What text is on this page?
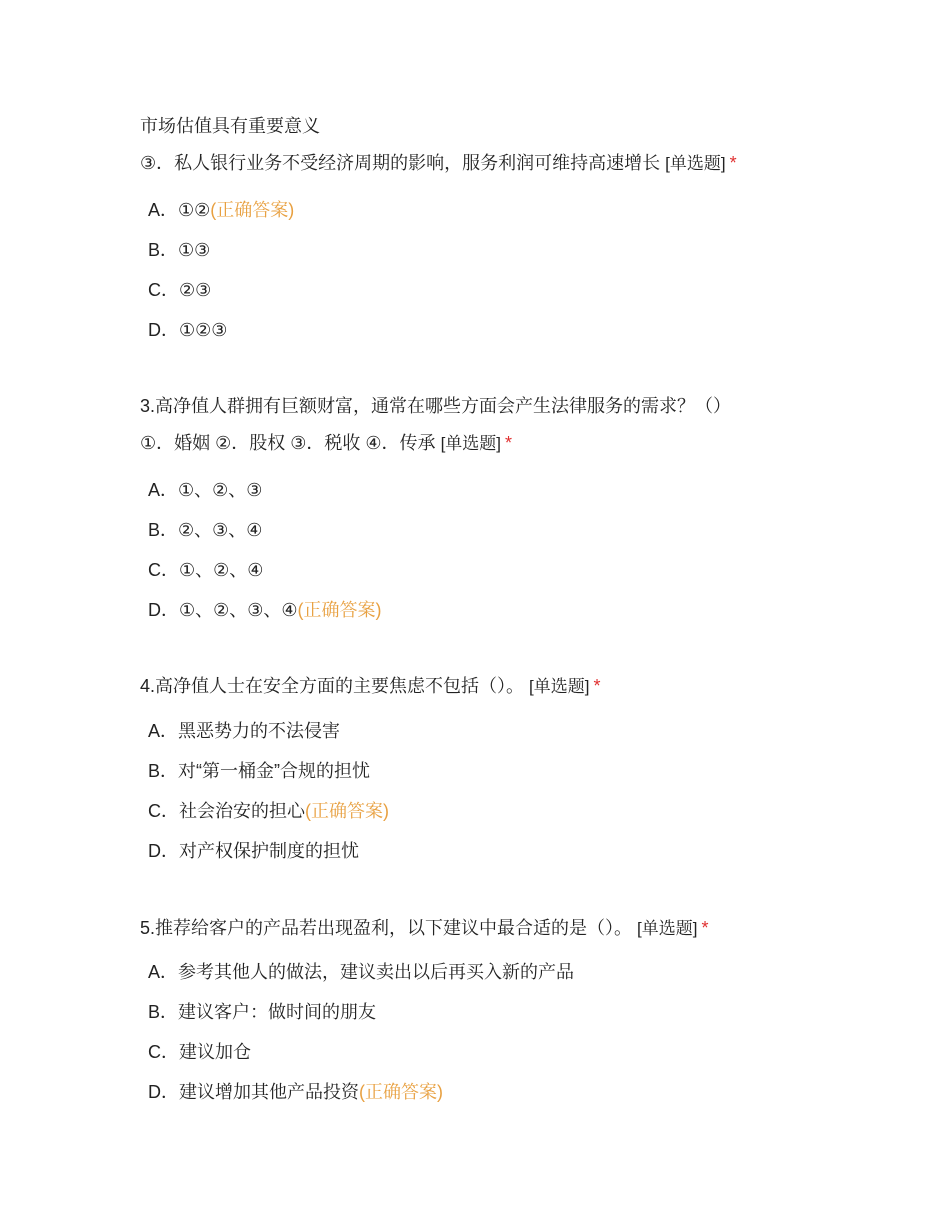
市场估值具有重要意义
③．私人银行业务不受经济周期的影响，服务利润可维持高速增长 [单选题] *
A．①②(正确答案)
B．①③
C．②③
D．①②③
3.高净值人群拥有巨额财富，通常在哪些方面会产生法律服务的需求？（）
①．婚姻 ②．股权 ③．税收 ④．传承 [单选题] *
A．①、②、③
B．②、③、④
C．①、②、④
D．①、②、③、④(正确答案)
4.高净值人士在安全方面的主要焦虑不包括（）。 [单选题] *
A．黑恶势力的不法侵害
B．对“第一桶金”合规的担忧
C．社会治安的担心(正确答案)
D．对产权保护制度的担忧
5.推荐给客户的产品若出现盈利，以下建议中最合适的是（）。 [单选题] *
A．参考其他人的做法，建议卖出以后再买入新的产品
B．建议客户：做时间的朋友
C．建议加仓
D．建议增加其他产品投资(正确答案)
